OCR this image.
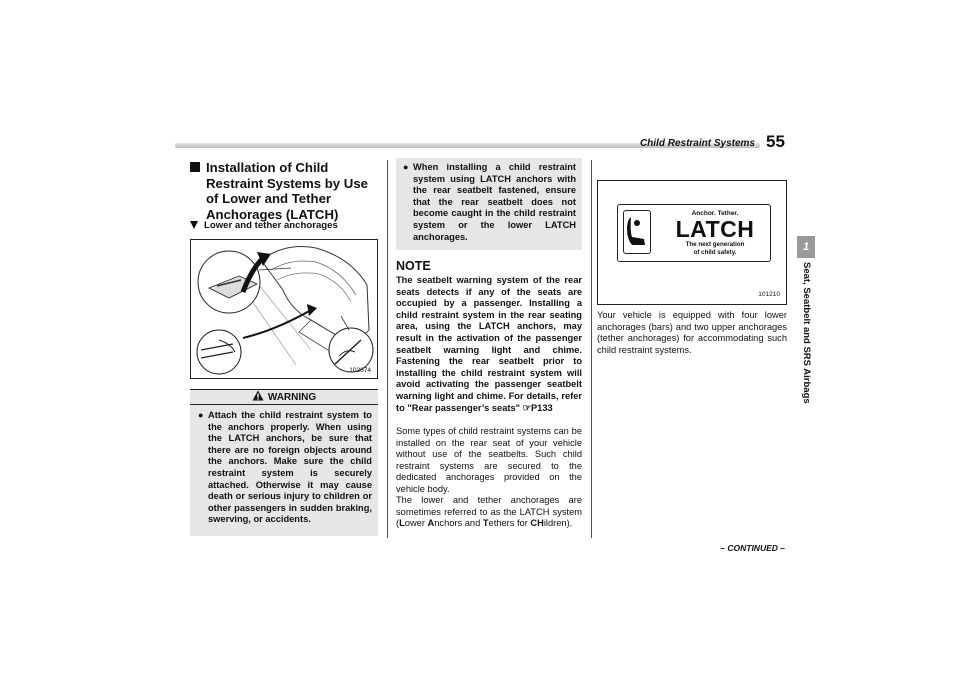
Child Restraint Systems 55
1
Seat, Seatbelt and SRS Airbags
Installation of Child Restraint Systems by Use of Lower and Tether Anchorages (LATCH)
Lower and tether anchorages
102674
WARNING
● Attach the child restraint system to the anchors properly. When using the LATCH anchors, be sure that there are no foreign objects around the anchors. Make sure the child restraint system is securely attached. Otherwise it may cause death or serious injury to children or other passengers in sudden braking, swerving, or accidents.
● When installing a child restraint system using LATCH anchors with the rear seatbelt fastened, ensure that the rear seatbelt does not become caught in the child restraint system or the lower LATCH anchorages.
NOTE
The seatbelt warning system of the rear seats detects if any of the seats are occupied by a passenger. Installing a child restraint system in the rear seating area, using the LATCH anchors, may result in the activation of the passenger seatbelt warning light and chime. Fastening the rear seatbelt prior to installing the child restraint system will avoid activating the passenger seatbelt warning light and chime. For details, refer to "Rear passenger’s seats" ☞P133
Some types of child restraint systems can be installed on the rear seat of your vehicle without use of the seatbelts. Such child restraint systems are secured to the dedicated anchorages provided on the vehicle body.
The lower and tether anchorages are sometimes referred to as the LATCH system (Lower Anchors and Tethers for CHildren).
101210
Anchor. Tether.
LATCH
The next generation
of child safety.
Your vehicle is equipped with four lower anchorages (bars) and two upper anchorages (tether anchorages) for accommodating such child restraint systems.
– CONTINUED –
